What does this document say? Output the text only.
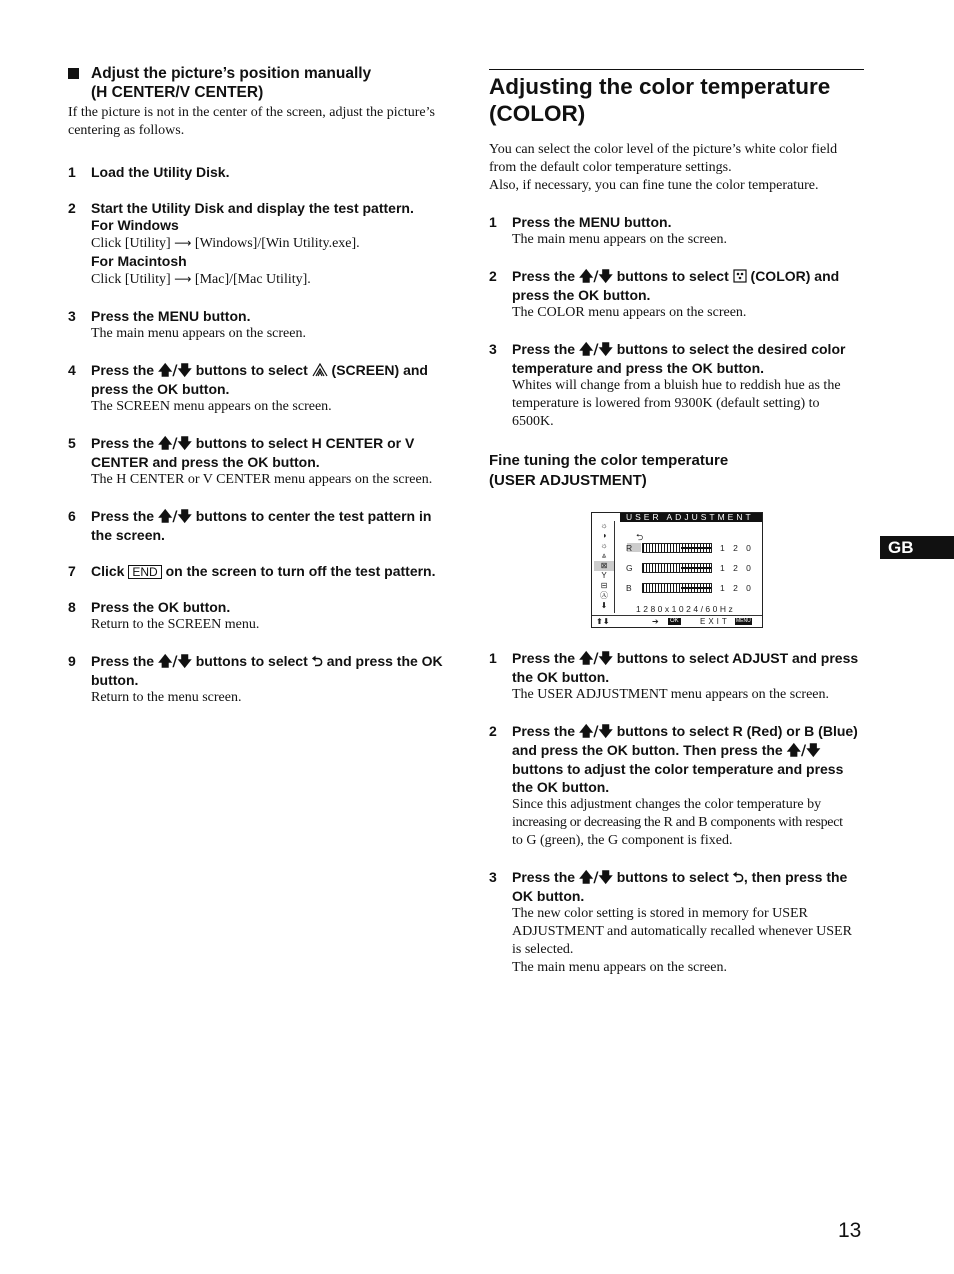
Adjust the picture’s position manually
(H CENTER/V CENTER)
If the picture is not in the center of the screen, adjust the picture’s
centering as follows.
1	Load the Utility Disk.
2	Start the Utility Disk and display the test pattern.
For Windows
Click [Utility] ⟶ [Windows]/[Win Utility.exe].
For Macintosh
Click [Utility] ⟶ [Mac]/[Mac Utility].
3	Press the MENU button.
The main menu appears on the screen.
4	Press the 🡅/🡇 buttons to select (SCREEN) and
press the OK button.
The SCREEN menu appears on the screen.
5	Press the 🡅/🡇 buttons to select H CENTER or V
CENTER and press the OK button.
The H CENTER or V CENTER menu appears on the screen.
6	Press the 🡅/🡇 buttons to center the test pattern in
the screen.
7	Click END on the screen to turn off the test pattern.
8	Press the OK button.
Return to the SCREEN menu.
9	Press the 🡅/🡇 buttons to select ⮌ and press the OK
button.
Return to the menu screen.
Adjusting the color temperature
(COLOR)
You can select the color level of the picture’s white color field
from the default color temperature settings.
Also, if necessary, you can fine tune the color temperature.
1	Press the MENU button.
The main menu appears on the screen.
2	Press the 🡅/🡇 buttons to select (COLOR) and
press the OK button.
The COLOR menu appears on the screen.
3	Press the 🡅/🡇 buttons to select the desired color
temperature and press the OK button.
Whites will change from a bluish hue to reddish hue as the
temperature is lowered from 9300K (default setting) to
6500K.
Fine tuning the color temperature
(USER ADJUSTMENT)
USER ADJUSTMENT
☼
◑
☼
⩓
⊠
Y
⊟
Ⓐ
⬇
⮌
R	1 2 0
G	1 2 0
B	1 2 0
1280x1024/60Hz
⬆⬇	➔	OK	EXIT MENU
1	Press the 🡅/🡇 buttons to select ADJUST and press
the OK button.
The USER ADJUSTMENT menu appears on the screen.
2	Press the 🡅/🡇 buttons to select R (Red) or B (Blue)
and press the OK button. Then press the 🡅/🡇
buttons to adjust the color temperature and press
the OK button.
Since this adjustment changes the color temperature by
increasing or decreasing the R and B components with respect
to G (green), the G component is fixed.
3	Press the 🡅/🡇 buttons to select ⮌, then press the
OK button.
The new color setting is stored in memory for USER
ADJUSTMENT and automatically recalled whenever USER
is selected.
The main menu appears on the screen.
GB
13
